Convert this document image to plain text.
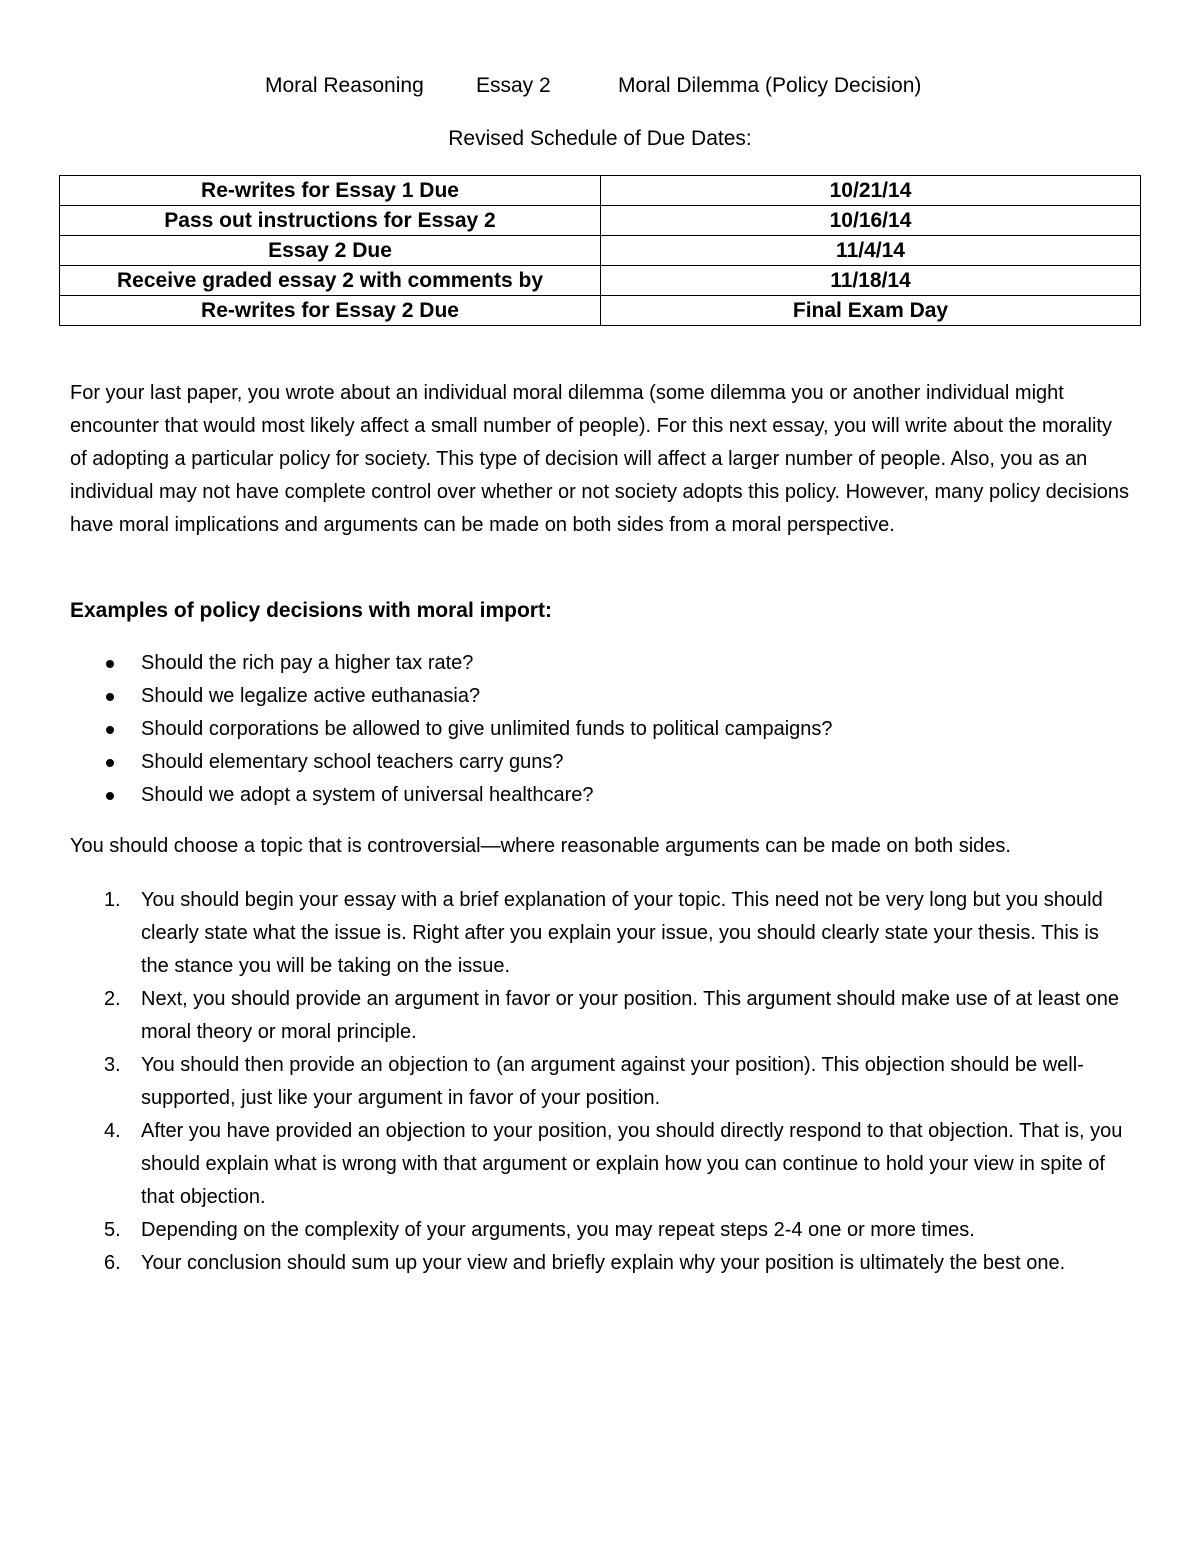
Moral Reasoning Essay 2	Moral Dilemma (Policy Decision)
Revised Schedule of Due Dates:
Re-writes for Essay 1 Due	10/21/14
Pass out instructions for Essay 2	10/16/14
Essay 2 Due	11/4/14
Receive graded essay 2 with comments by	11/18/14
Re-writes for Essay 2 Due	Final Exam Day
For your last paper, you wrote about an individual moral dilemma (some dilemma you or another individual might encounter that would most likely affect a small number of people). For this next essay, you will write about the morality of adopting a particular policy for society. This type of decision will affect a larger number of people. Also, you as an individual may not have complete control over whether or not society adopts this policy. However, many policy decisions have moral implications and arguments can be made on both sides from a moral perspective.
Examples of policy decisions with moral import:
Should the rich pay a higher tax rate?
Should we legalize active euthanasia?
Should corporations be allowed to give unlimited funds to political campaigns?
Should elementary school teachers carry guns?
Should we adopt a system of universal healthcare?
You should choose a topic that is controversial—where reasonable arguments can be made on both sides.
1. You should begin your essay with a brief explanation of your topic. This need not be very long but you should clearly state what the issue is. Right after you explain your issue, you should clearly state your thesis. This is the stance you will be taking on the issue.
2. Next, you should provide an argument in favor or your position. This argument should make use of at least one moral theory or moral principle.
3. You should then provide an objection to (an argument against your position). This objection should be well-supported, just like your argument in favor of your position.
4. After you have provided an objection to your position, you should directly respond to that objection. That is, you should explain what is wrong with that argument or explain how you can continue to hold your view in spite of that objection.
5. Depending on the complexity of your arguments, you may repeat steps 2-4 one or more times.
6. Your conclusion should sum up your view and briefly explain why your position is ultimately the best one.
